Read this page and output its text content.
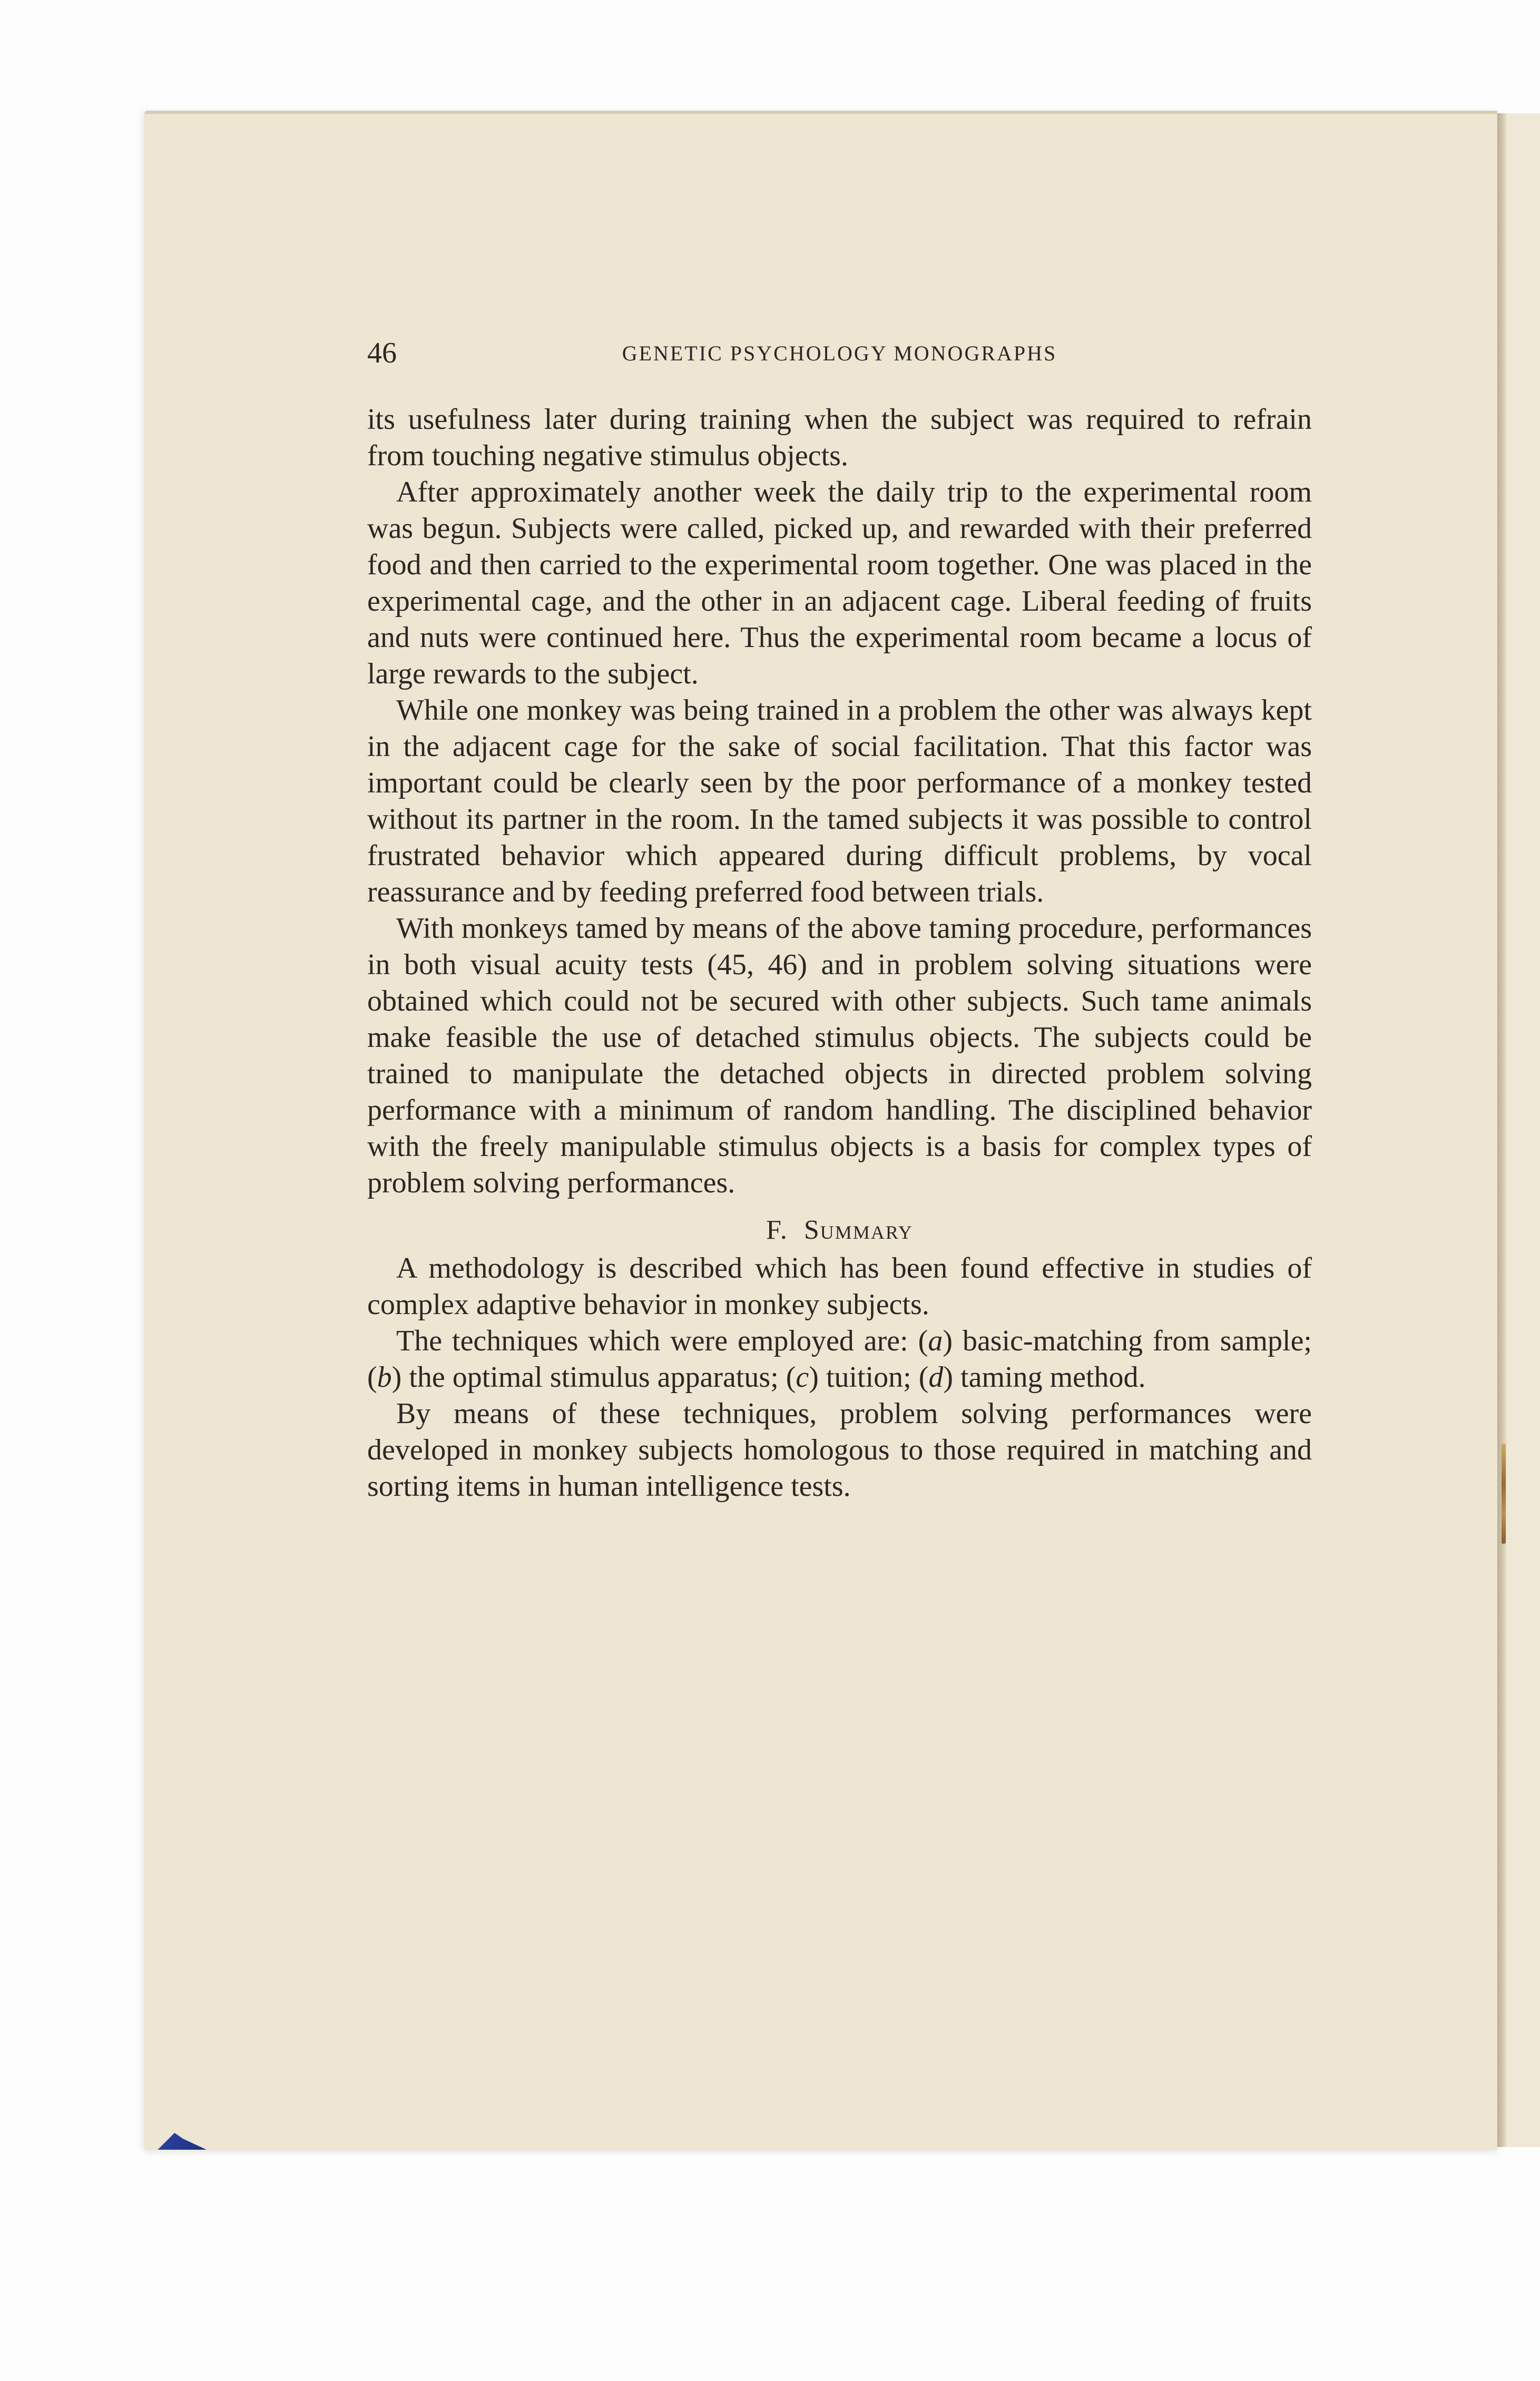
46	GENETIC PSYCHOLOGY MONOGRAPHS

its usefulness later during training when the subject was required to refrain from touching negative stimulus objects.

After approximately another week the daily trip to the experimental room was begun. Subjects were called, picked up, and rewarded with their preferred food and then carried to the experimental room together. One was placed in the experimental cage, and the other in an adjacent cage. Liberal feeding of fruits and nuts were continued here. Thus the experimental room became a locus of large rewards to the subject.

While one monkey was being trained in a problem the other was always kept in the adjacent cage for the sake of social facilitation. That this factor was important could be clearly seen by the poor performance of a monkey tested without its partner in the room. In the tamed subjects it was possible to control frustrated behavior which appeared during difficult problems, by vocal reassurance and by feeding preferred food between trials.

With monkeys tamed by means of the above taming procedure, performances in both visual acuity tests (45, 46) and in problem solving situations were obtained which could not be secured with other subjects. Such tame animals make feasible the use of detached stimulus objects. The subjects could be trained to manipulate the detached objects in directed problem solving performance with a minimum of random handling. The disciplined behavior with the freely manipulable stimulus objects is a basis for complex types of problem solving performances.

F. Summary

A methodology is described which has been found effective in studies of complex adaptive behavior in monkey subjects.

The techniques which were employed are: (a) basic-matching from sample; (b) the optimal stimulus apparatus; (c) tuition; (d) taming method.

By means of these techniques, problem solving performances were developed in monkey subjects homologous to those required in matching and sorting items in human intelligence tests.
